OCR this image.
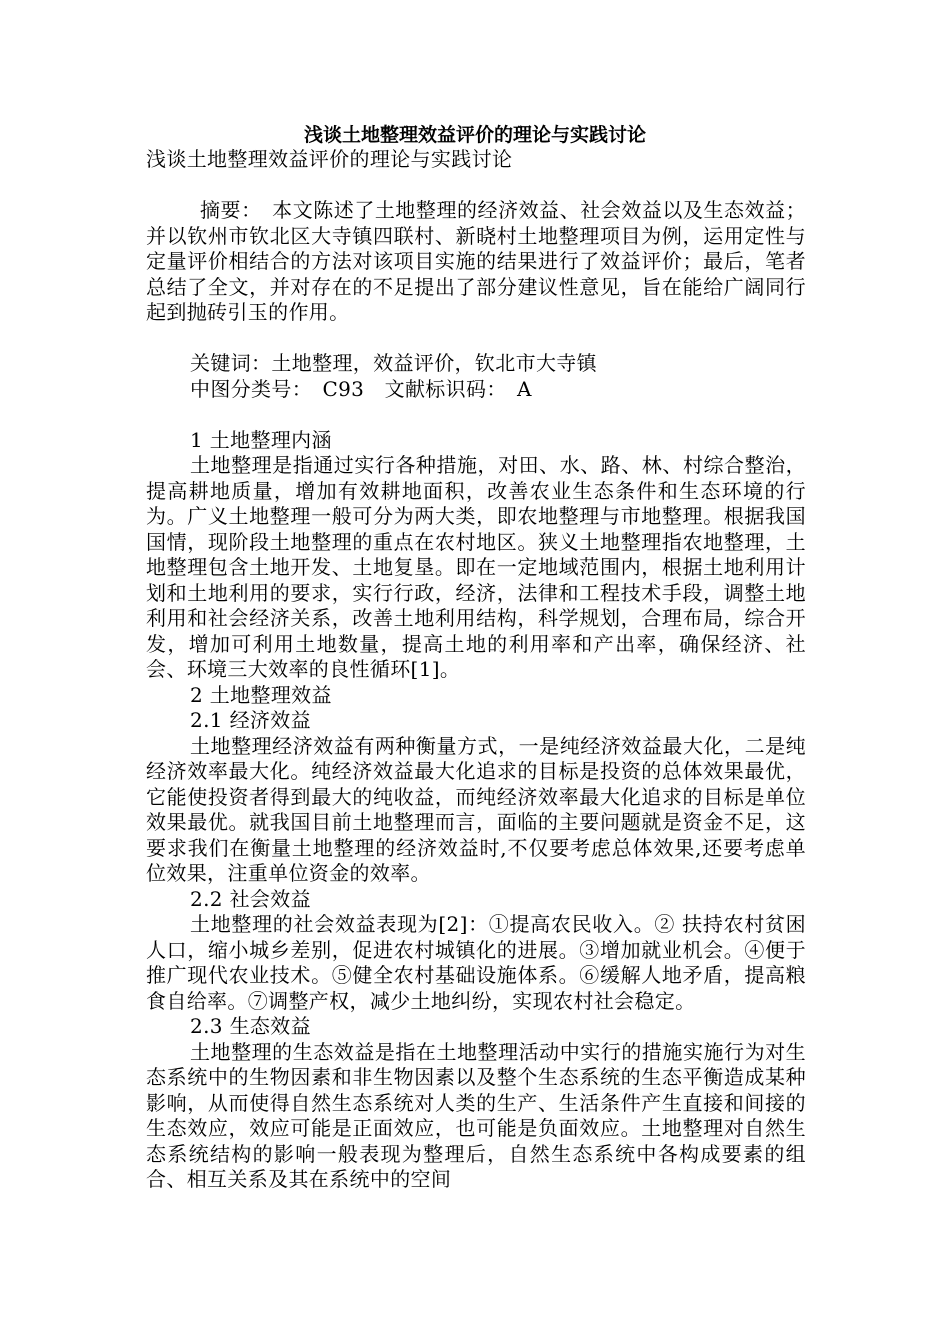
浅谈土地整理效益评价的理论与实践讨论

浅谈土地整理效益评价的理论与实践讨论

摘要：　本文陈述了土地整理的经济效益、社会效益以及生态效益；并以钦州市钦北区大寺镇四联村、新晓村土地整理项目为例，运用定性与定量评价相结合的方法对该项目实施的结果进行了效益评价；最后，笔者总结了全文，并对存在的不足提出了部分建议性意见，旨在能给广阔同行起到抛砖引玉的作用。

关键词：土地整理，效益评价，钦北市大寺镇

中图分类号：　C93　文献标识码：　A

1 土地整理内涵

土地整理是指通过实行各种措施，对田、水、路、林、村综合整治，提高耕地质量，增加有效耕地面积，改善农业生态条件和生态环境的行为。广义土地整理一般可分为两大类，即农地整理与市地整理。根据我国国情，现阶段土地整理的重点在农村地区。狭义土地整理指农地整理，土地整理包含土地开发、土地复垦。即在一定地域范围内，根据土地利用计划和土地利用的要求，实行行政，经济，法律和工程技术手段，调整土地利用和社会经济关系，改善土地利用结构，科学规划，合理布局，综合开发，增加可利用土地数量，提高土地的利用率和产出率，确保经济、社会、环境三大效率的良性循环[1]。

2 土地整理效益

2.1 经济效益

土地整理经济效益有两种衡量方式，一是纯经济效益最大化，二是纯经济效率最大化。纯经济效益最大化追求的目标是投资的总体效果最优，它能使投资者得到最大的纯收益，而纯经济效率最大化追求的目标是单位效果最优。就我国目前土地整理而言，面临的主要问题就是资金不足，这要求我们在衡量土地整理的经济效益时,不仅要考虑总体效果,还要考虑单位效果，注重单位资金的效率。

2.2 社会效益

土地整理的社会效益表现为[2]：①提高农民收入。② 扶持农村贫困人口，缩小城乡差别，促进农村城镇化的进展。③增加就业机会。④便于推广现代农业技术。⑤健全农村基础设施体系。⑥缓解人地矛盾，提高粮食自给率。⑦调整产权，减少土地纠纷，实现农村社会稳定。

2.3 生态效益

土地整理的生态效益是指在土地整理活动中实行的措施实施行为对生态系统中的生物因素和非生物因素以及整个生态系统的生态平衡造成某种影响，从而使得自然生态系统对人类的生产、生活条件产生直接和间接的生态效应，效应可能是正面效应，也可能是负面效应。土地整理对自然生态系统结构的影响一般表现为整理后，自然生态系统中各构成要素的组合、相互关系及其在系统中的空间
